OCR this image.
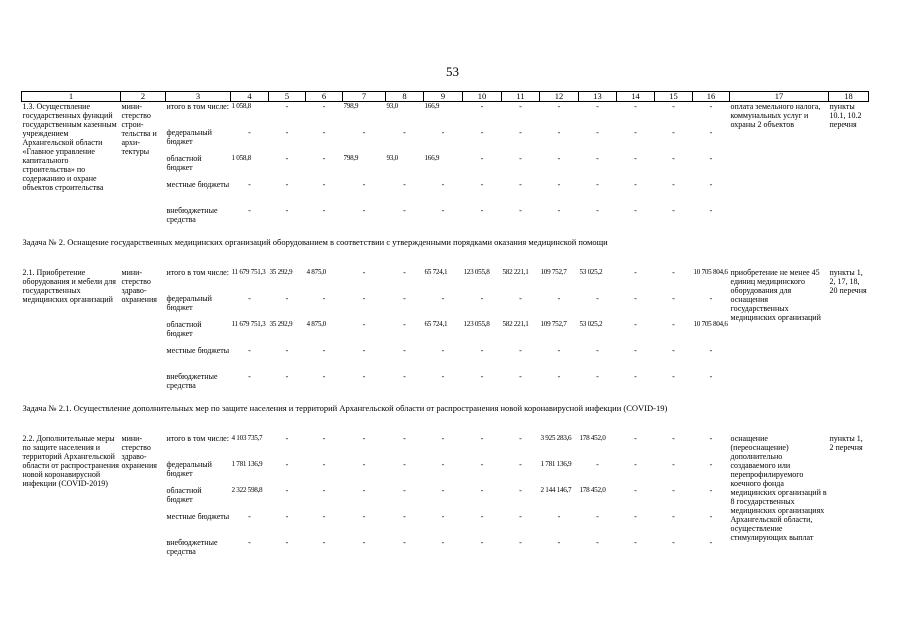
53
1	2	3	4	5	6	7	8	9	10	11	12	13	14	15	16	17	18
1.3. Осуществление государственных функций государственным казенным учреждением Архангельской области «Главное управление капитального строительства» по содержанию и охране объектов строительства	мини-стерство строи-тельства и архи-тектуры	итого в том числе:	1 058,8	-	-	798,9	93,0	166,9	-	-	-	-	-	-	-	оплата земельного налога, коммунальных услуг и охраны 2 объектов	пункты 10.1, 10.2 перечня
		федеральный бюджет	-	-	-	-	-	-	-	-	-	-	-	-	-		
		областной бюджет	1 058,8	-	-	798,9	93,0	166,9	-	-	-	-	-	-	-		
		местные бюджеты	-	-	-	-	-	-	-	-	-	-	-	-	-		
		внебюджетные средства	-	-	-	-	-	-	-	-	-	-	-	-	-		
Задача № 2. Оснащение государственных медицинских организаций оборудованием в соответствии с утвержденными порядками оказания медицинской помощи																	

2.1. Приобретение оборудования и мебели для государственных медицинских организаций	мини-стерство здраво-охранения	итого в том числе:	11 679 751,3	35 292,9	4 875,0	-	-	65 724,1	123 055,8	582 221,1	109 752,7	53 025,2	-	-	10 705 804,6	приобретение не менее 45 единиц медицинского оборудования для оснащения государственных медицинских организаций	пункты 1, 2, 17, 18, 20 перечня
		федеральный бюджет	-	-	-	-	-	-	-	-	-	-	-	-	-		
		областной бюджет	11 679 751,3	35 292,9	4 875,0	-	-	65 724,1	123 055,8	582 221,1	109 752,7	53 025,2	-	-	10 705 804,6		
		местные бюджеты	-	-	-	-	-	-	-	-	-	-	-	-	-		
		внебюджетные средства	-	-	-	-	-	-	-	-	-	-	-	-	-		
Задача № 2.1. Осуществление дополнительных мер по защите населения и территорий Архангельской области от распространения новой коронавирусной инфекции (COVID-19)																	

2.2. Дополнительные меры по защите населения и территорий Архангельской области от распространения новой коронавирусной инфекции (COVID-2019)	мини-стерство здраво-охранения	итого в том числе:	4 103 735,7	-	-	-	-	-	-	-	3 925 283,6	178 452,0	-	-	-	оснащение (переоснащение) дополнительно создаваемого или перепрофилируемого коечного фонда медицинских организаций в 8 государственных медицинских организациях Архангельской области, осуществление стимулирующих выплат	пункты 1, 2 перечня
		федеральный бюджет	1 781 136,9	-	-	-	-	-	-	-	1 781 136,9	-	-	-	-		
		областной бюджет	2 322 598,8	-	-	-	-	-	-	-	2 144 146,7	178 452,0	-	-	-		
		местные бюджеты	-	-	-	-	-	-	-	-	-	-	-	-	-		
		внебюджетные средства	-	-	-	-	-	-	-	-	-	-	-	-	-		
